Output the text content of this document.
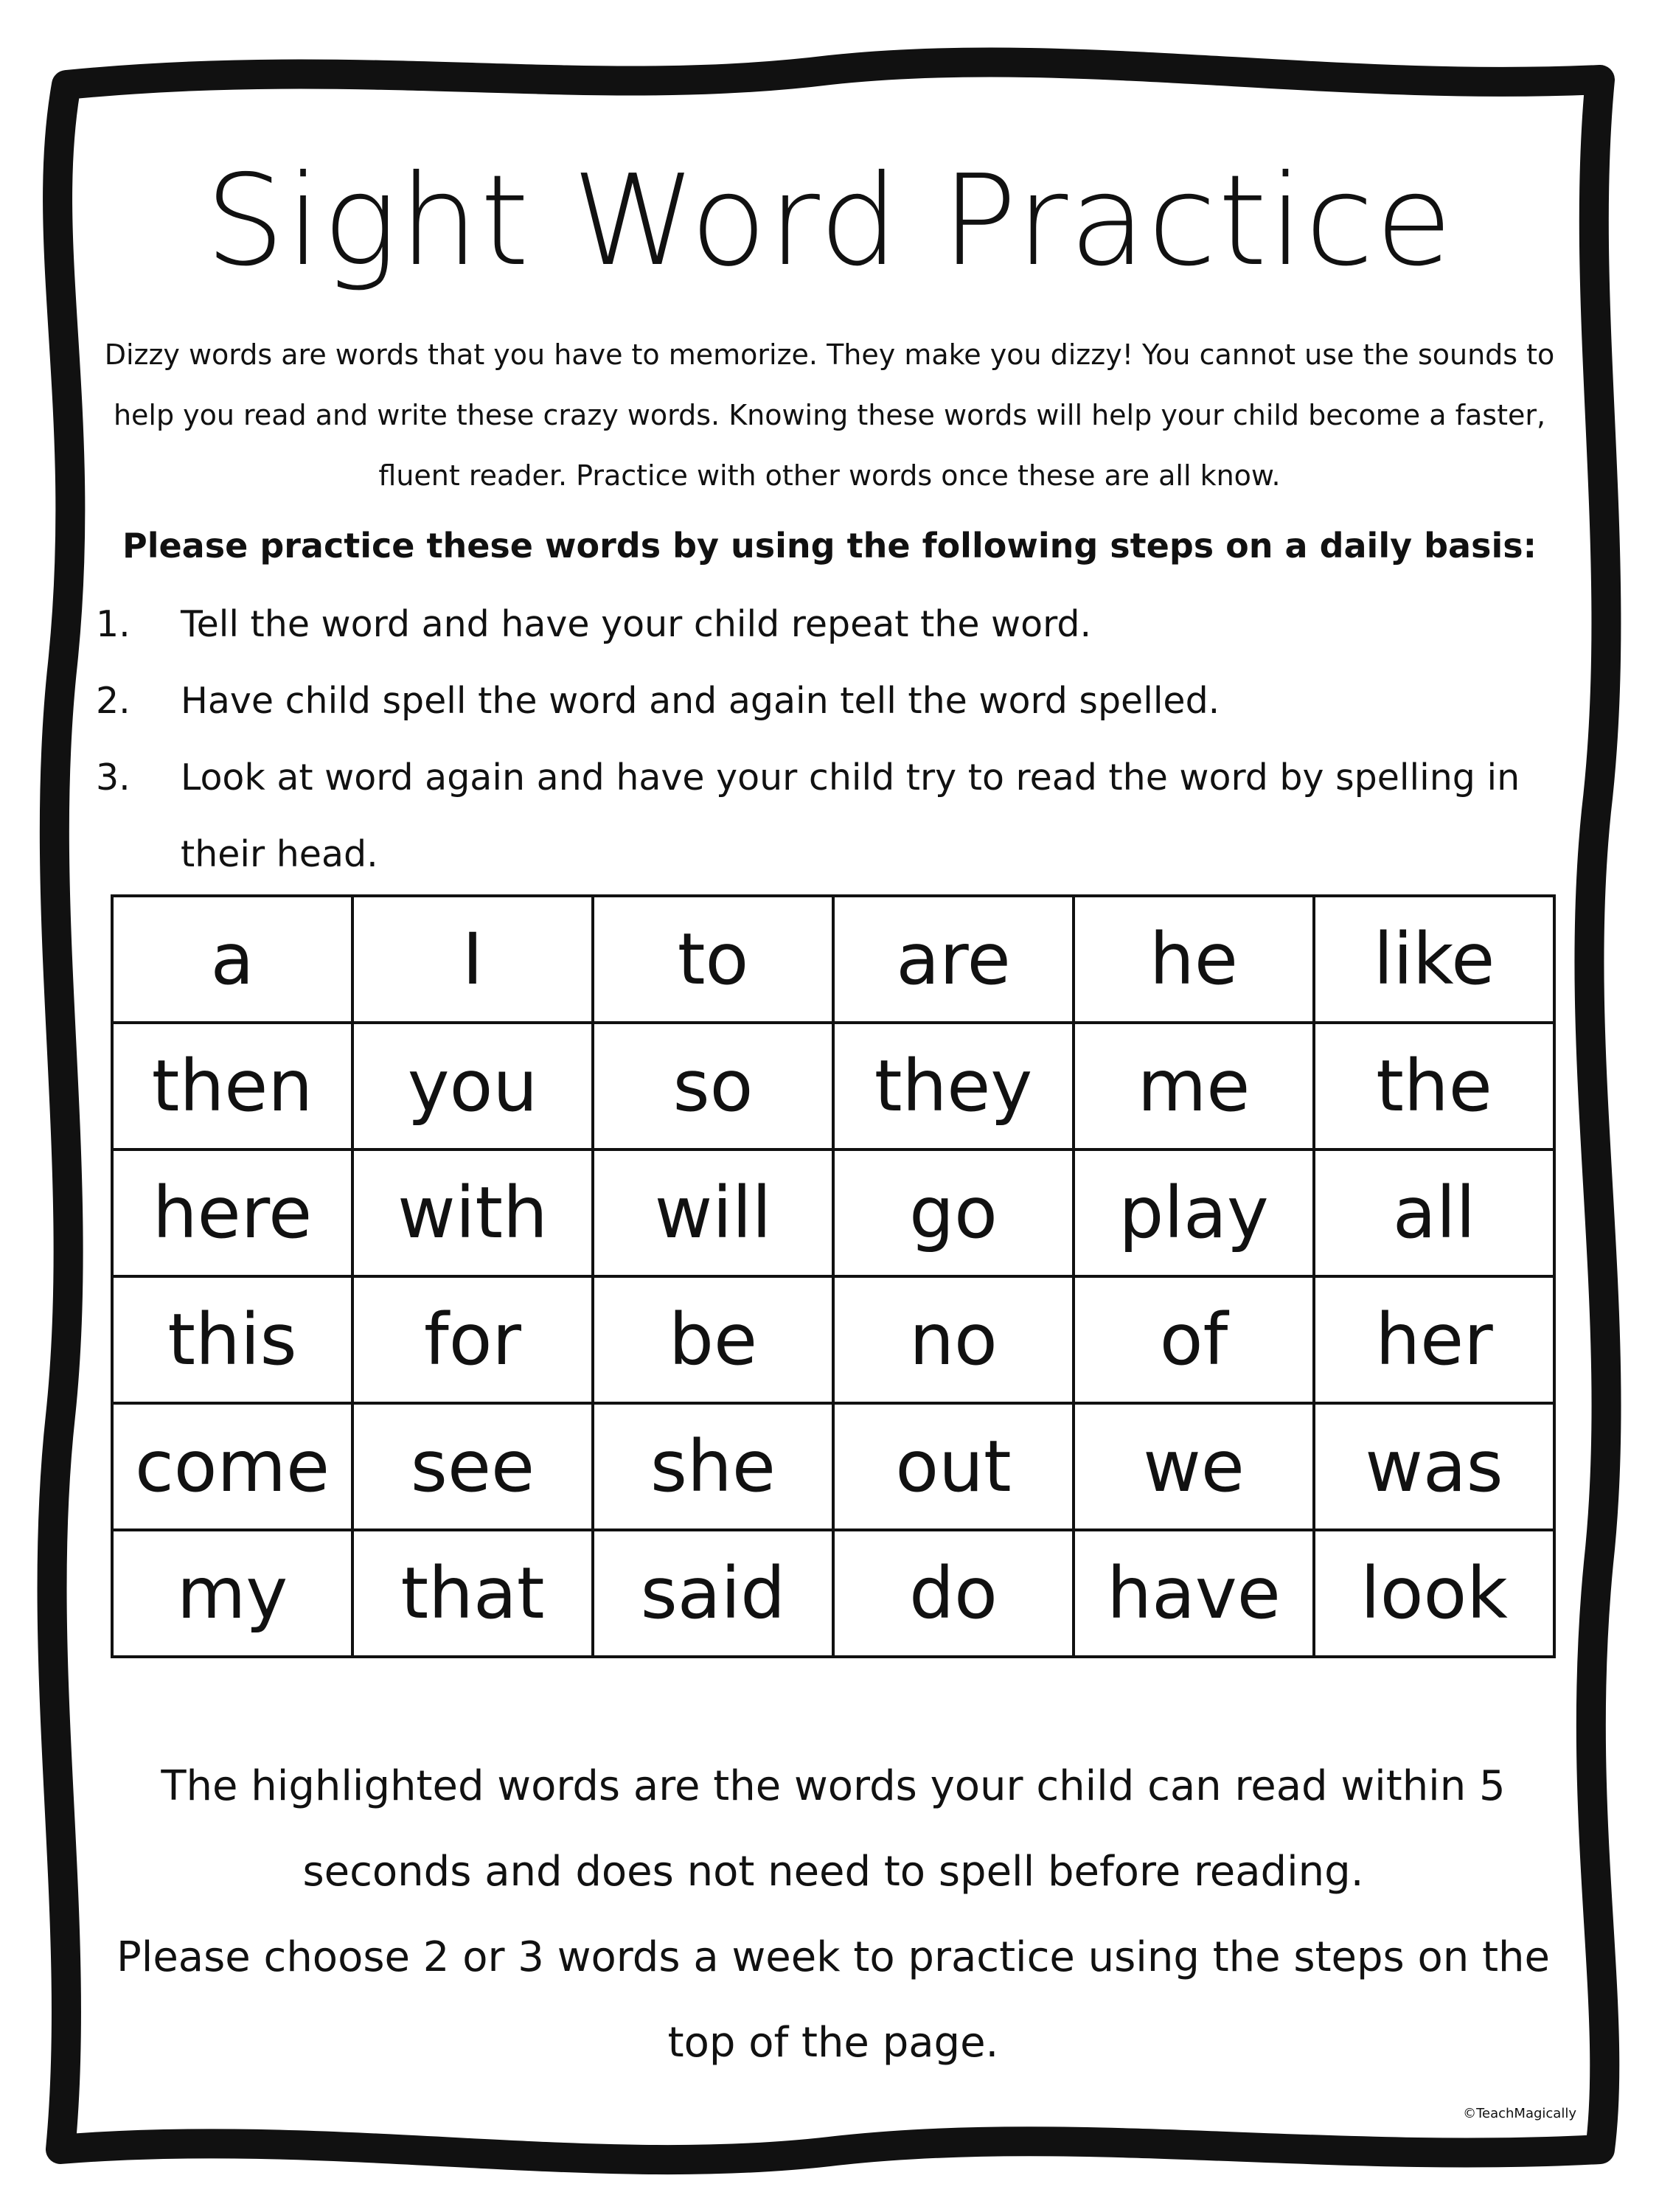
Sight Word Practice

Dizzy words are words that you have to memorize. They make you dizzy! You cannot use the sounds to help you read and write these crazy words. Knowing these words will help your child become a faster, fluent reader. Practice with other words once these are all know.

Please practice these words by using the following steps on a daily basis:

1. Tell the word and have your child repeat the word.
2. Have child spell the word and again tell the word spelled.
3. Look at word again and have your child try to read the word by spelling in their head.
a	I	to	are	he	like
then	you	so	they	me	the
here	with	will	go	play	all
this	for	be	no	of	her
come	see	she	out	we	was
my	that	said	do	have	look

The highlighted words are the words your child can read within 5 seconds and does not need to spell before reading.

Please choose 2 or 3 words a week to practice using the steps on the top of the page.

©TeachMagically
